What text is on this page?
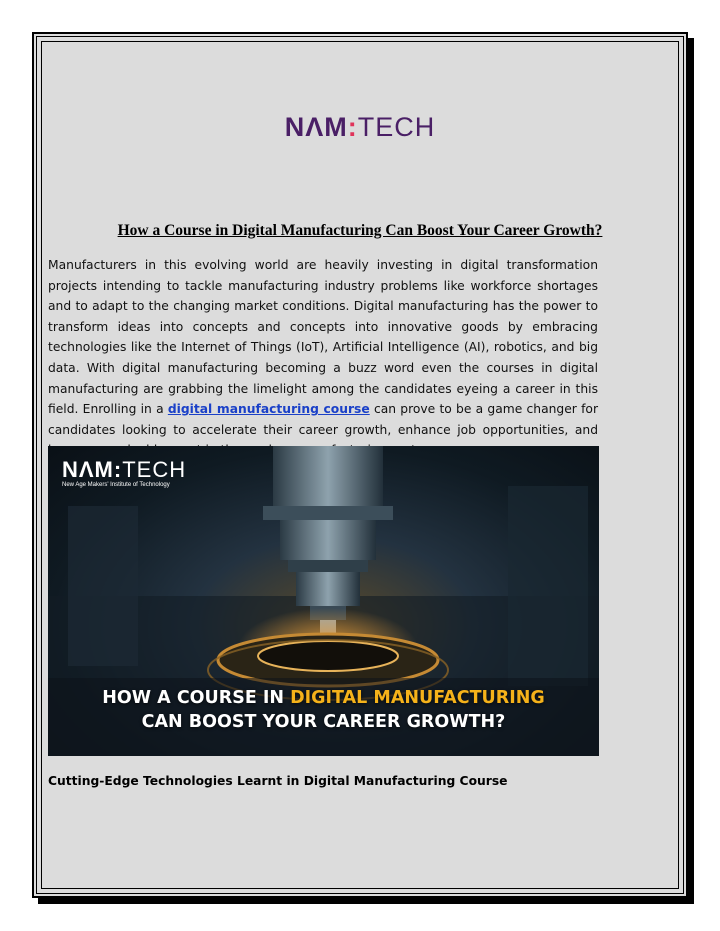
NΛM:TECH
How a Course in Digital Manufacturing Can Boost Your Career Growth?
Manufacturers in this evolving world are heavily investing in digital transformation projects intending to tackle manufacturing industry problems like workforce shortages and to adapt to the changing market conditions. Digital manufacturing has the power to transform ideas into concepts and concepts into innovative goods by embracing technologies like the Internet of Things (IoT), Artificial Intelligence (AI), robotics, and big data. With digital manufacturing becoming a buzz word even the courses in digital manufacturing are grabbing the limelight among the candidates eyeing a career in this field. Enrolling in a digital manufacturing course can prove to be a game changer for candidates looking to accelerate their career growth, enhance job opportunities, and
NΛM:TECH
New Age Makers' Institute of Technology
HOW A COURSE IN DIGITAL MANUFACTURING
CAN BOOST YOUR CAREER GROWTH?
Cutting-Edge Technologies Learnt in Digital Manufacturing Course
